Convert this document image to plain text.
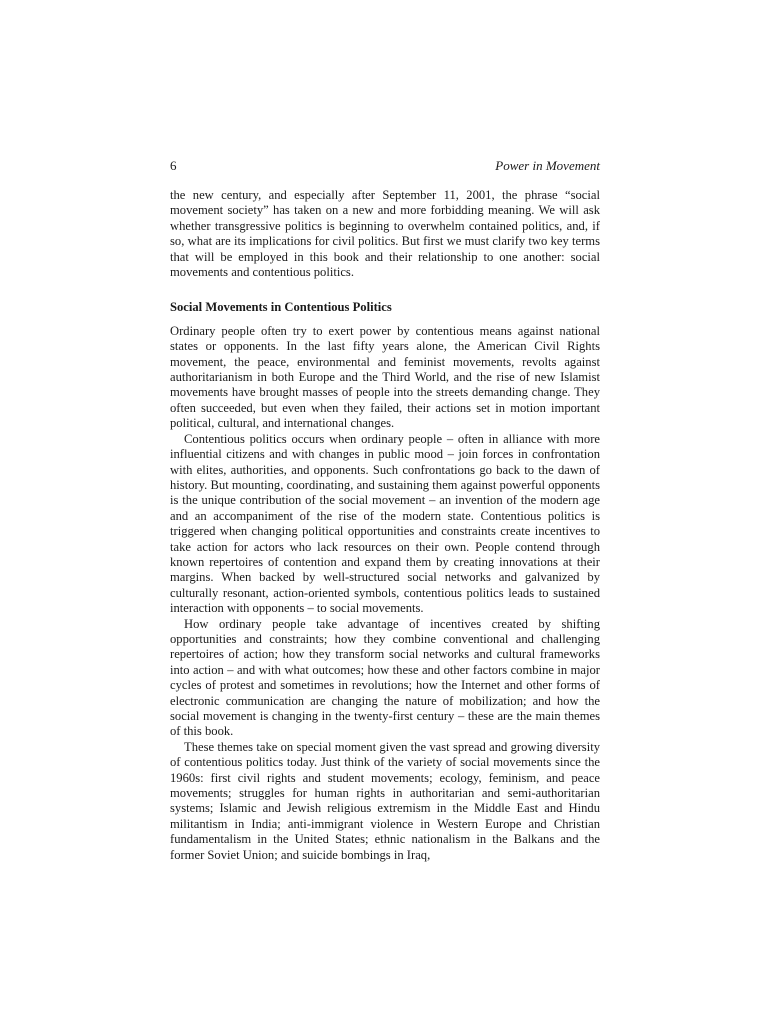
6	Power in Movement

the new century, and especially after September 11, 2001, the phrase “social movement society” has taken on a new and more forbidding meaning. We will ask whether transgressive politics is beginning to overwhelm contained politics, and, if so, what are its implications for civil politics. But first we must clarify two key terms that will be employed in this book and their relationship to one another: social movements and contentious politics.

Social Movements in Contentious Politics

Ordinary people often try to exert power by contentious means against national states or opponents. In the last fifty years alone, the American Civil Rights movement, the peace, environmental and feminist movements, revolts against authoritarianism in both Europe and the Third World, and the rise of new Islamist movements have brought masses of people into the streets demanding change. They often succeeded, but even when they failed, their actions set in motion important political, cultural, and international changes.

Contentious politics occurs when ordinary people – often in alliance with more influential citizens and with changes in public mood – join forces in confrontation with elites, authorities, and opponents. Such confrontations go back to the dawn of history. But mounting, coordinating, and sustaining them against powerful opponents is the unique contribution of the social movement – an invention of the modern age and an accompaniment of the rise of the modern state. Contentious politics is triggered when changing political opportunities and constraints create incentives to take action for actors who lack resources on their own. People contend through known repertoires of contention and expand them by creating innovations at their margins. When backed by well-structured social networks and galvanized by culturally resonant, action-oriented symbols, contentious politics leads to sustained interaction with opponents – to social movements.

How ordinary people take advantage of incentives created by shifting opportunities and constraints; how they combine conventional and challenging repertoires of action; how they transform social networks and cultural frameworks into action – and with what outcomes; how these and other factors combine in major cycles of protest and sometimes in revolutions; how the Internet and other forms of electronic communication are changing the nature of mobilization; and how the social movement is changing in the twenty-first century – these are the main themes of this book.

These themes take on special moment given the vast spread and growing diversity of contentious politics today. Just think of the variety of social movements since the 1960s: first civil rights and student movements; ecology, feminism, and peace movements; struggles for human rights in authoritarian and semi-authoritarian systems; Islamic and Jewish religious extremism in the Middle East and Hindu militantism in India; anti-immigrant violence in Western Europe and Christian fundamentalism in the United States; ethnic nationalism in the Balkans and the former Soviet Union; and suicide bombings in Iraq,
